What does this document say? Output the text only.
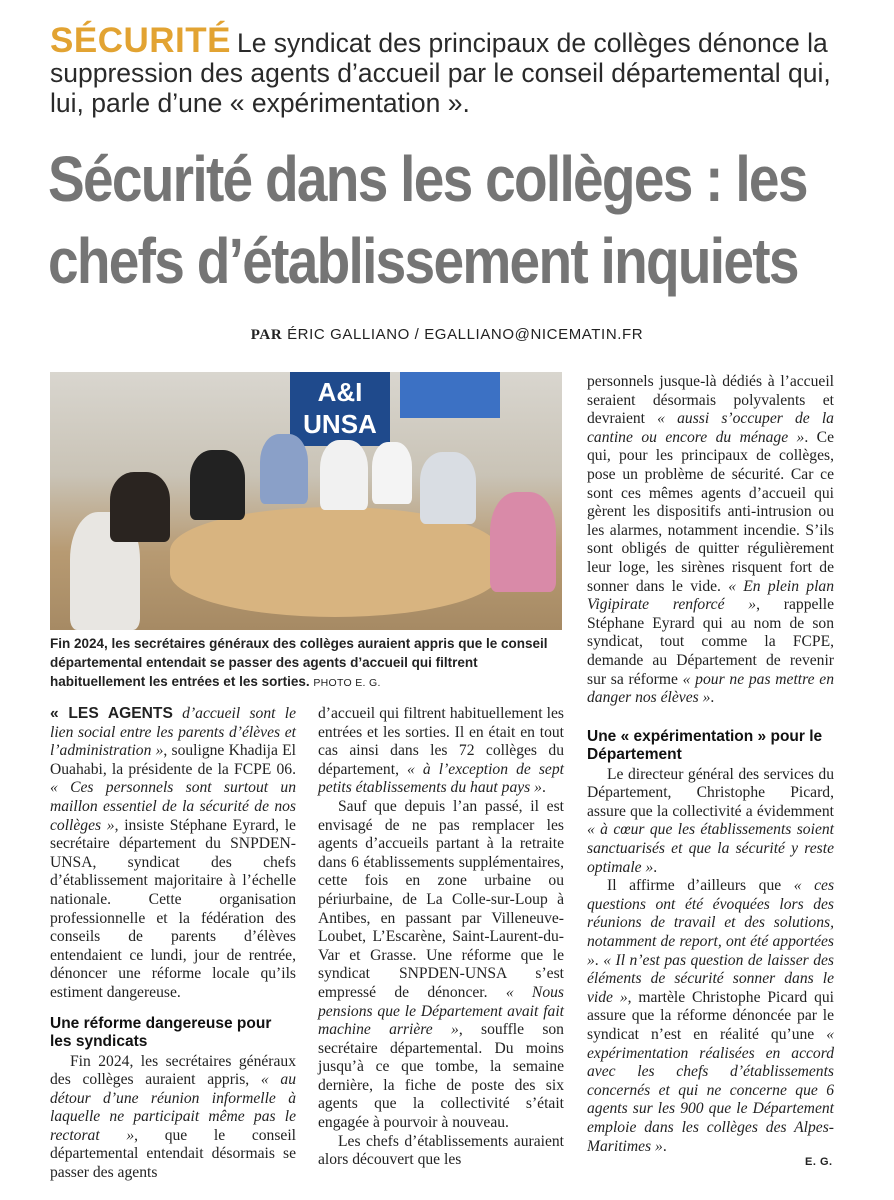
SÉCURITÉ Le syndicat des principaux de collèges dénonce la suppression des agents d’accueil par le conseil départemental qui, lui, parle d’une « expérimentation ».

Sécurité dans les collèges : les
chefs d’établissement inquiets
PAR ÉRIC GALLIANO / EGALLIANO@NICEMATIN.FR
A&I UNSA
Fin 2024, les secrétaires généraux des collèges auraient appris que le conseil départemental entendait se passer des agents d’accueil qui filtrent habituellement les entrées et les sorties. PHOTO E. G.

« LES AGENTS d’accueil sont le lien social entre les parents d’élèves et l’administration », souligne Khadija El Ouahabi, la présidente de la FCPE 06. « Ces personnels sont surtout un maillon essentiel de la sécurité de nos collèges », insiste Stéphane Eyrard, le secrétaire département du SNPDEN-UNSA, syndicat des chefs d’établissement majoritaire à l’échelle nationale. Cette organisation professionnelle et la fédération des conseils de parents d’élèves entendaient ce lundi, jour de rentrée, dénoncer une réforme locale qu’ils estiment dangereuse.

Une réforme dangereuse pour les syndicats

Fin 2024, les secrétaires généraux des collèges auraient appris, « au détour d’une réunion informelle à laquelle ne participait même pas le rectorat », que le conseil départemental entendait désormais se passer des agents

d’accueil qui filtrent habituellement les entrées et les sorties. Il en était en tout cas ainsi dans les 72 collèges du département, « à l’exception de sept petits établissements du haut pays ».

Sauf que depuis l’an passé, il est envisagé de ne pas remplacer les agents d’accueils partant à la retraite dans 6 établissements supplémentaires, cette fois en zone urbaine ou périurbaine, de La Colle-sur-Loup à Antibes, en passant par Villeneuve-Loubet, L’Escarène, Saint-Laurent-du-Var et Grasse. Une réforme que le syndicat SNPDEN-UNSA s’est empressé de dénoncer. « Nous pensions que le Département avait fait machine arrière », souffle son secrétaire départemental. Du moins jusqu’à ce que tombe, la semaine dernière, la fiche de poste des six agents que la collectivité s’était engagée à pourvoir à nouveau.

Les chefs d’établissements auraient alors découvert que les

personnels jusque-là dédiés à l’accueil seraient désormais polyvalents et devraient « aussi s’occuper de la cantine ou encore du ménage ». Ce qui, pour les principaux de collèges, pose un problème de sécurité. Car ce sont ces mêmes agents d’accueil qui gèrent les dispositifs anti-intrusion ou les alarmes, notamment incendie. S’ils sont obligés de quitter régulièrement leur loge, les sirènes risquent fort de sonner dans le vide. « En plein plan Vigipirate renforcé », rappelle Stéphane Eyrard qui au nom de son syndicat, tout comme la FCPE, demande au Département de revenir sur sa réforme « pour ne pas mettre en danger nos élèves ».

Une « expérimentation » pour le Département

Le directeur général des services du Département, Christophe Picard, assure que la collectivité a évidemment « à cœur que les établissements soient sanctuarisés et que la sécurité y reste optimale ».

Il affirme d’ailleurs que « ces questions ont été évoquées lors des réunions de travail et des solutions, notamment de report, ont été apportées ». « Il n’est pas question de laisser des éléments de sécurité sonner dans le vide », martèle Christophe Picard qui assure que la réforme dénoncée par le syndicat n’est en réalité qu’une « expérimentation réalisées en accord avec les chefs d’établissements concernés et qui ne concerne que 6 agents sur les 900 que le Département emploie dans les collèges des Alpes-Maritimes ».

E. G.
